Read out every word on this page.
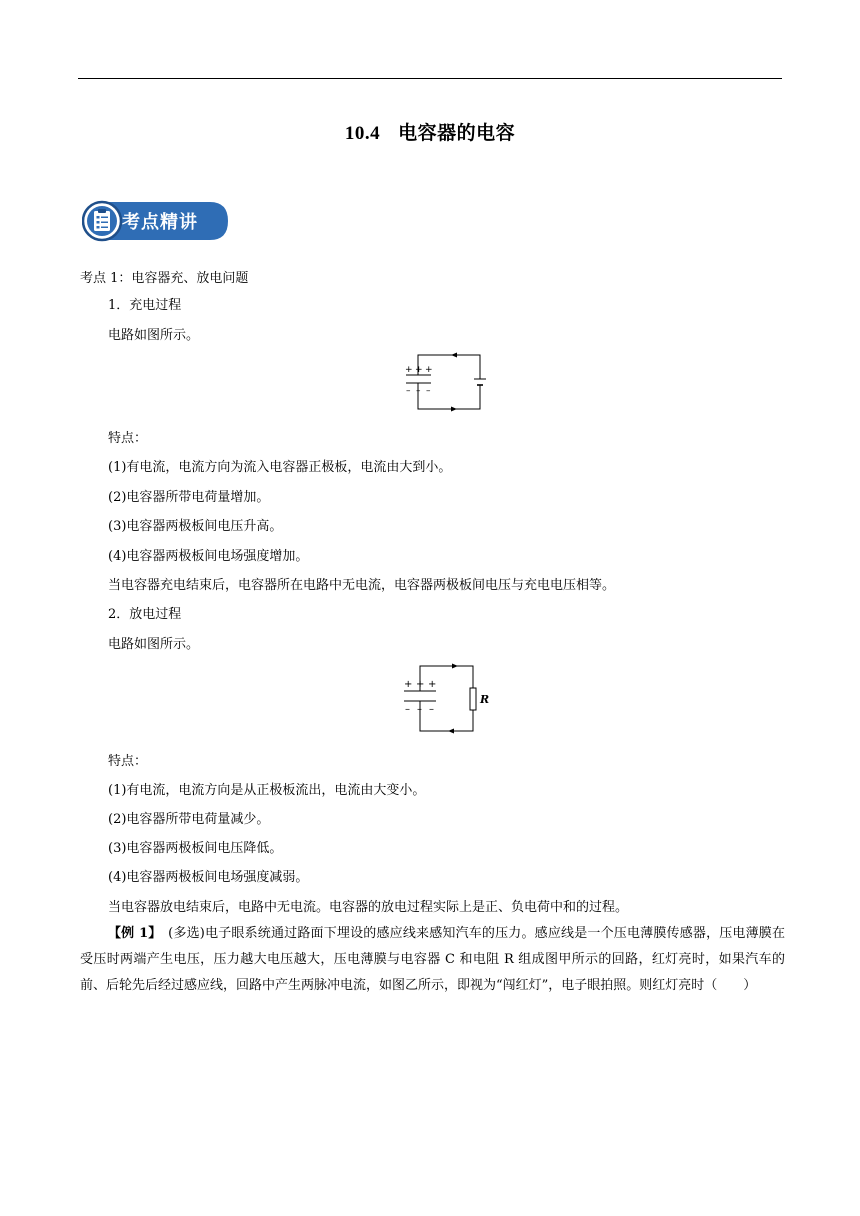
10.4 电容器的电容
考点精讲
考点 1：电容器充、放电问题
1．充电过程
电路如图所示。
+ + +
– – –
特点：
(1)有电流，电流方向为流入电容器正极板，电流由大到小。
(2)电容器所带电荷量增加。
(3)电容器两极板间电压升高。
(4)电容器两极板间电场强度增加。
当电容器充电结束后，电容器所在电路中无电流，电容器两极板间电压与充电电压相等。
2．放电过程
电路如图所示。
+ + +
– – –
R
特点：
(1)有电流，电流方向是从正极板流出，电流由大变小。
(2)电容器所带电荷量减少。
(3)电容器两极板间电压降低。
(4)电容器两极板间电场强度减弱。
当电容器放电结束后，电路中无电流。电容器的放电过程实际上是正、负电荷中和的过程。
【例 1】　(多选)电子眼系统通过路面下埋设的感应线来感知汽车的压力。感应线是一个压电薄膜传感器，压电薄膜在受压时两端产生电压，压力越大电压越大，压电薄膜与电容器 C 和电阻 R 组成图甲所示的回路，红灯亮时，如果汽车的前、后轮先后经过感应线，回路中产生两脉冲电流，如图乙所示，即视为“闯红灯”，电子眼拍照。则红灯亮时（　　）
